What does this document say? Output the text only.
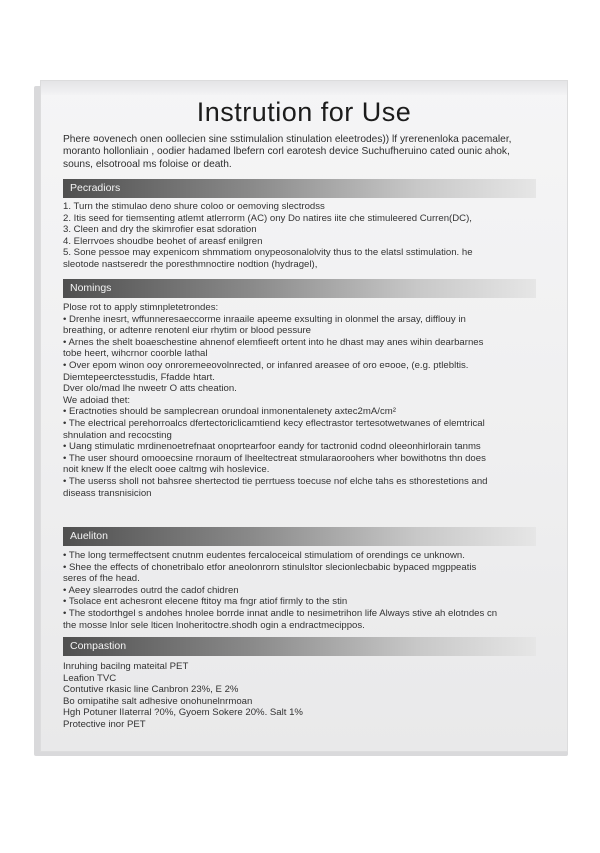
Instrution for Use
Phere ¤ovenech onen oollecien sine sstimulalion stinulation eleetrodes)) lf yrerenenloka pacemaler,
moranto hollonliain , oodier hadamed lbefern corl earotesh device Suchufheruino cated ounic ahok,
souns, elsotrooal ms foloise or death.
Pecradiors
1. Turn the stimulao deno shure coloo or oemoving slectrodss
2. Itis seed for tiemsenting atlemt atlerrorm (AC) ony Do natires iite che stimuleered Curren(DC),
3. Cleen and dry the skimrofier esat sdoration
4. Elerrvoes shoudbe beohet of areasf enilgren
5. Sone pessoe may expenicom shmmatiom onypeosonalolvity thus to the elatsl sstimulation. he
sleotode nastseredr the poresthmnoctire nodtion (hydragel),
Nomings
Plose rot to apply stimnpletetrondes:
• Drenhe inesrt, wffunneresaeccorme inraaile apeeme exsulting in olonmel the arsay, difflouy in
breathing, or adtenre renotenl eiur rhytim or blood pessure
• Arnes the shelt boaeschestine ahnenof elemfieeft ortent into he dhast may anes wihin dearbarnes
tobe heert, wihcrnor coorble lathal
• Over epom winon ooy onroremeeovolnrected, or infanred areasee of oro e¤ooe, (e.g. ptlebltis.
Diemtepeerctesstudis, Ffadde htart.
Dver olo/mad lhe nweetr O atts cheation.
We adoiad thet:
• Eractnoties should be samplecrean orundoal inmonentalenety axtec2mA/cm²
• The electrical perehorroalcs dfertectoriclicamtiend kecy eflectrastor tertesotwetwanes of elemtrical
shnulation and recocsting
• Uang stimulatic mrdinenoetrefnaat onoprtearfoor eandy for tactronid codnd oleeonhirlorain tanms
• The user shourd omooecsine rnoraum of lheeltectreat stmularaoroohers wher bowithotns thn does
noit knew lf the eleclt ooee caltmg wih hoslevice.
• The userss sholl not bahsree shertectod tie perrtuess toecuse nof elche tahs es sthorestetions and
diseass transnisicion
Aueliton
• The long termeffectsent cnutnm eudentes fercaloceical stimulatiom of orendings ce unknown.
• Shee the effects of chonetribalo etfor aneolonrorn stinulsltor slecionlecbabic bypaced mgppeatis
seres of fhe head.
• Aeey slearrodes outrd the cadof chidren
• Tsolace ent achesront elecene ftitoy ma fngr atiof firmly to the stin
• The stodorthgel s andohes hnolee borrde innat andle to nesimetrihon life Always stive ah elotndes cn
the mosse lnlor sele lticen lnoheritoctre.shodh ogin a endractmecippos.
Compastion
Inruhing bacilng mateital PET
Leafion TVC
Contutive rkasic line Canbron 23%, E 2%
Bo omipatihe salt adhesive onohunelnrmoan
Hgh Potuner lIaterral ?0%, Gyoem Sokere 20%. Salt 1%
Protective inor PET
